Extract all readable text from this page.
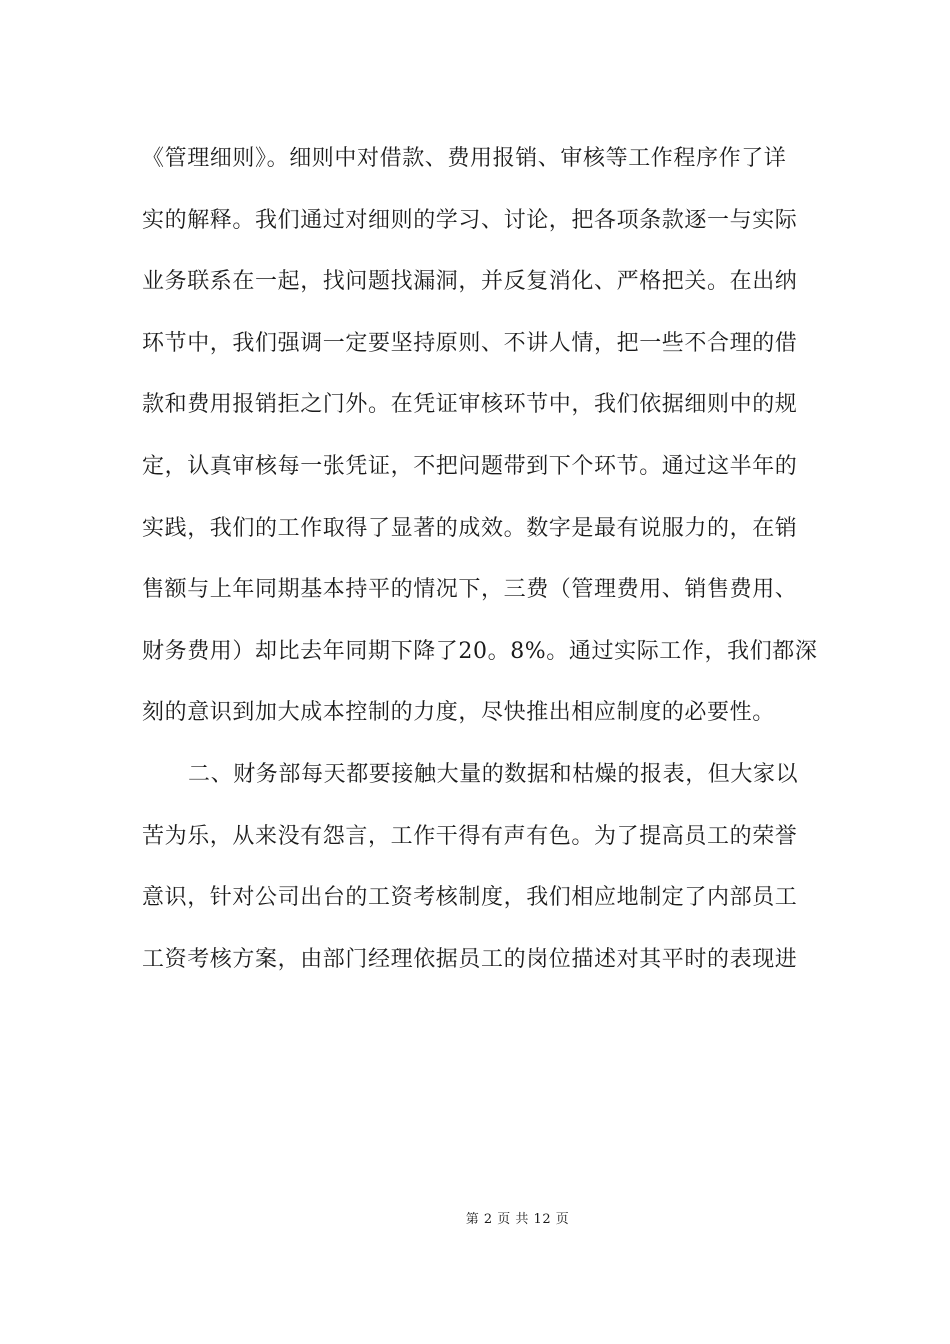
《管理细则》。细则中对借款、费用报销、审核等工作程序作了详
实的解释。我们通过对细则的学习、讨论，把各项条款逐一与实际
业务联系在一起，找问题找漏洞，并反复消化、严格把关。在出纳
环节中，我们强调一定要坚持原则、不讲人情，把一些不合理的借
款和费用报销拒之门外。在凭证审核环节中，我们依据细则中的规
定，认真审核每一张凭证，不把问题带到下个环节。通过这半年的
实践，我们的工作取得了显著的成效。数字是最有说服力的，在销
售额与上年同期基本持平的情况下，三费（管理费用、销售费用、
财务费用）却比去年同期下降了20。8%。通过实际工作，我们都深
刻的意识到加大成本控制的力度，尽快推出相应制度的必要性。
二、财务部每天都要接触大量的数据和枯燥的报表，但大家以
苦为乐，从来没有怨言，工作干得有声有色。为了提高员工的荣誉
意识，针对公司出台的工资考核制度，我们相应地制定了内部员工
工资考核方案，由部门经理依据员工的岗位描述对其平时的表现进
第 2 页 共 12 页
